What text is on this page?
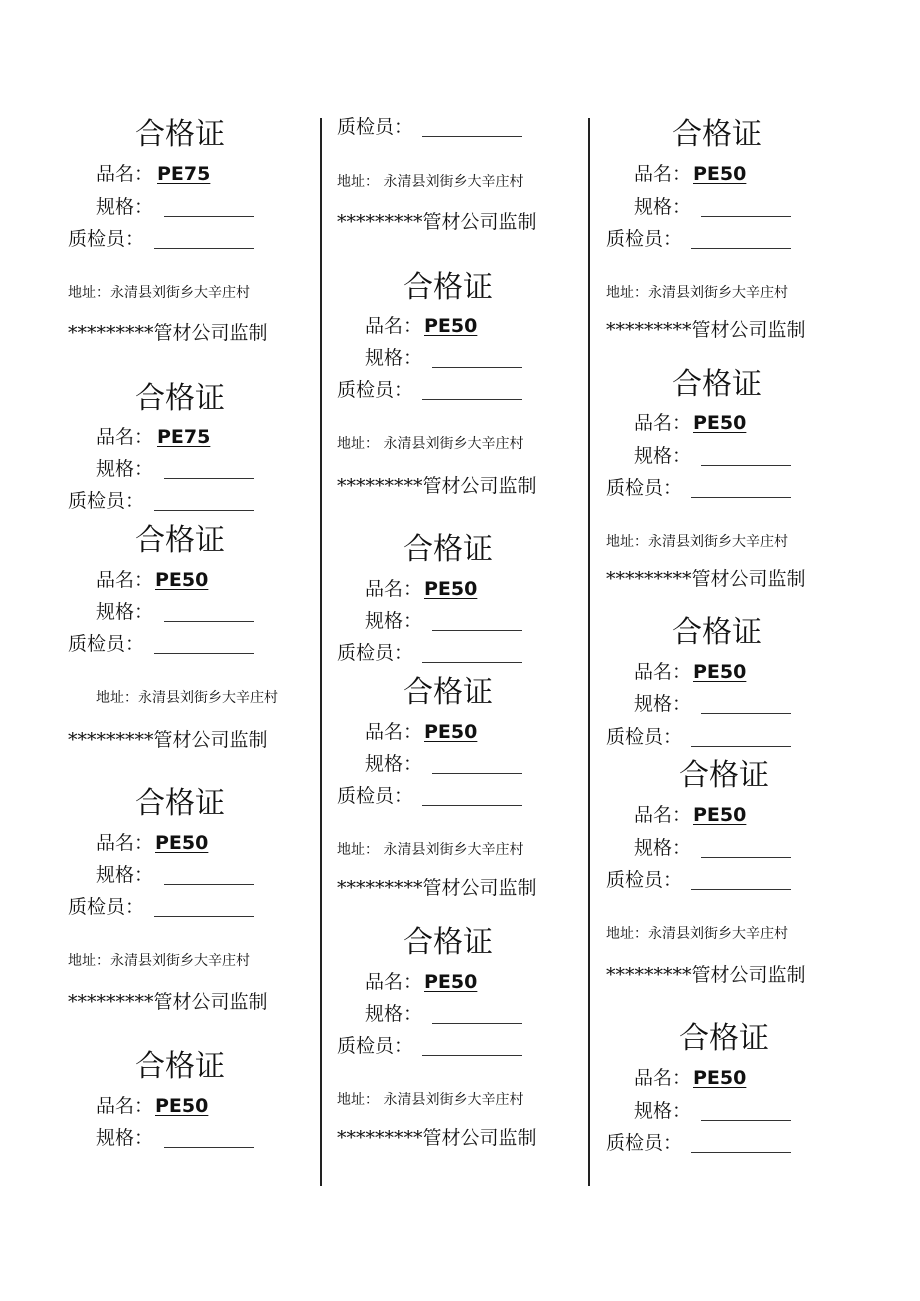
合格证
品名： PE75
规格：
质检员：
地址：永清县刘街乡大辛庄村
*********管材公司监制
合格证
品名： PE75
规格：
质检员：
合格证
品名： PE50
规格：
质检员：
地址：永清县刘街乡大辛庄村
*********管材公司监制
合格证
品名： PE50
规格：
质检员：
地址：永清县刘街乡大辛庄村
*********管材公司监制
合格证
品名： PE50
规格：
质检员：
地址： 永清县刘街乡大辛庄村
*********管材公司监制
合格证
品名： PE50
规格：
质检员：
地址： 永清县刘街乡大辛庄村
*********管材公司监制
合格证
品名： PE50
规格：
质检员：
合格证
品名： PE50
规格：
质检员：
地址： 永清县刘街乡大辛庄村
*********管材公司监制
合格证
品名： PE50
规格：
质检员：
地址： 永清县刘街乡大辛庄村
*********管材公司监制
合格证
品名： PE50
规格：
质检员：
地址：永清县刘街乡大辛庄村
*********管材公司监制
合格证
品名： PE50
规格：
质检员：
地址：永清县刘街乡大辛庄村
*********管材公司监制
合格证
品名： PE50
规格：
质检员：
合格证
品名： PE50
规格：
质检员：
地址：永清县刘街乡大辛庄村
*********管材公司监制
合格证
品名： PE50
规格：
质检员：
